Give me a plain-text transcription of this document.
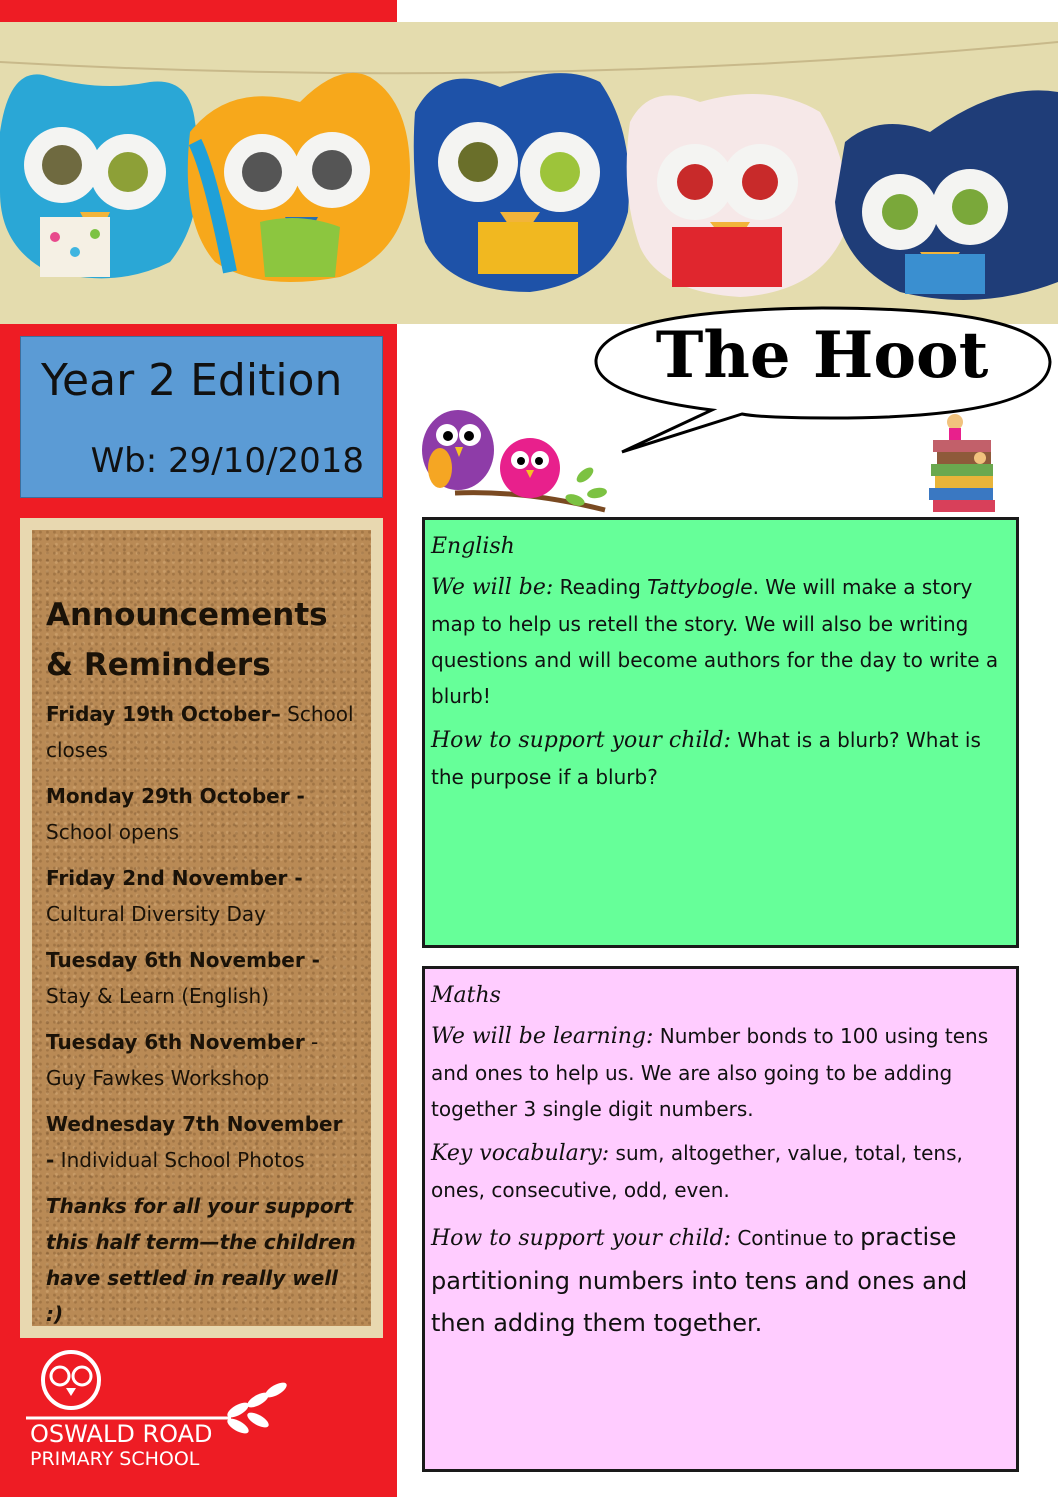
Year 2 Edition
Wb: 29/10/2018
Announcements & Reminders
Friday 19th October– School closes
Monday 29th October - School opens
Friday 2nd November - Cultural Diversity Day
Tuesday 6th November - Stay & Learn (English)
Tuesday 6th November - Guy Fawkes Workshop
Wednesday 7th November - Individual School Photos
Thanks for all your support this half term—the children have settled in really well :)
OSWALD ROAD
PRIMARY SCHOOL
The Hoot
English
We will be: Reading Tattybogle. We will make a story map to help us retell the story. We will also be writing questions and will become authors for the day to write a blurb!
How to support your child: What is a blurb? What is the purpose if a blurb?
Maths
We will be learning: Number bonds to 100 using tens and ones to help us. We are also going to be adding together 3 single digit numbers.
Key vocabulary: sum, altogether, value, total, tens, ones, consecutive, odd, even.
How to support your child: Continue to practise partitioning numbers into tens and ones and then adding them together.
